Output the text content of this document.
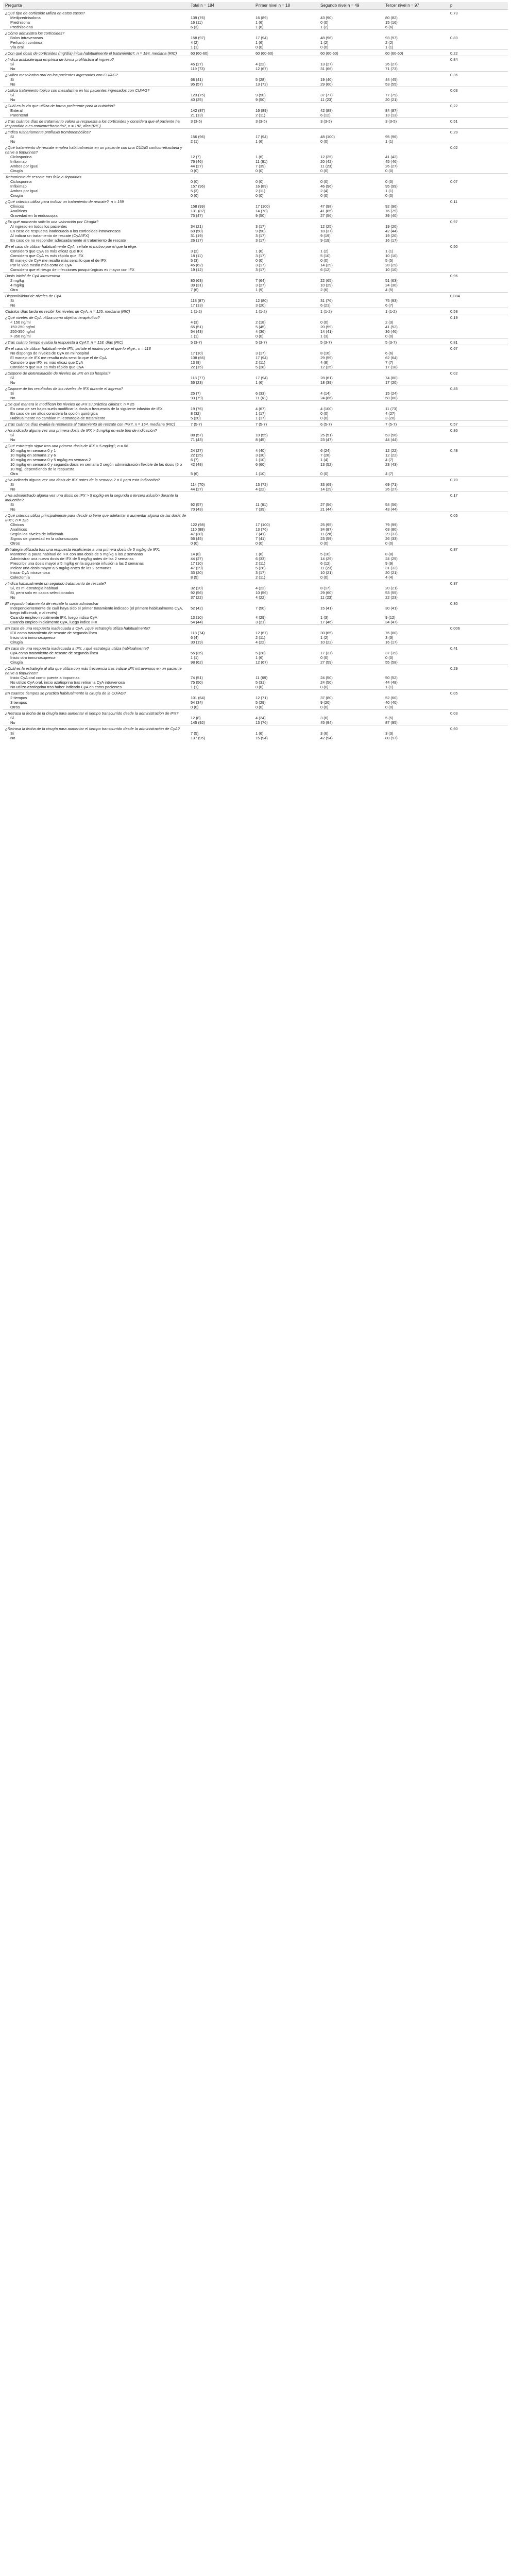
Pregunta	Total n = 184	Primer nivel n = 18	Segundo nivel n = 49	Tercer nivel n = 97	p
¿Qué tipo de corticoide utiliza en estos casos?					0,73
Metilprednisolona	139 (76)	16 (89)	43 (90)	80 (82)	
Prednisona	16 (11)	1 (6)	0 (0)	15 (16)	
Prednisolona	6 (3)	1 (6)	1 (2)	6 (6)	
¿Cómo administra los corticoides?					
Bolos intravenosos	158 (97)	17 (94)	48 (96)	93 (97)	0,83
Perfusión continua	4 (2)	1 (6)	1 (2)	2 (2)	
Vía oral	1 (1)	0 (0)	0 (0)	1 (1)	
¿Con qué dosis de corticoides (mg/día) inicia habitualmente el tratamiento?, n = 184, mediana (RIC)	60 (60-60)	60 (60-60)	60 (60-60)	60 (60-60)	0,22
¿Indica antibioterapia empírica de forma profiláctica al ingreso?					0,84
Sí	45 (27)	4 (22)	13 (27)	26 (27)	
No	119 (73)	12 (67)	31 (66)	71 (73)	
¿Utiliza mesalazina oral en los pacientes ingresados con CU/AG?					0,36
Sí	68 (41)	5 (28)	19 (40)	44 (45)	
No	95 (57)	13 (72)	29 (60)	53 (55)	
¿Utiliza tratamiento tópico con mesalazina en los pacientes ingresados con CU/AG?					0,03
Sí	123 (75)	9 (50)	37 (77)	77 (79)	
No	40 (25)	9 (50)	11 (23)	20 (21)	
¿Cuál es la vía que utiliza de forma preferente para la nutrición?					0,22
Enteral	142 (87)	16 (89)	42 (88)	84 (87)	
Parenteral	21 (13)	2 (11)	6 (12)	13 (13)	
¿Tras cuántos días de tratamiento valora la respuesta a los corticoides y considera que el paciente ha respondido o es corticorrefractario?, n = 182, días (RIC)	3 (3-5)	3 (3-5)	3 (3-5)	3 (3-5)	0,51
¿Indica rutinariamente profilaxis tromboembólica?					0,29
Sí	156 (96)	17 (94)	48 (100)	95 (96)	
No	2 (1)	1 (6)	0 (0)	1 (1)	
¿Qué tratamiento de rescate emplea habitualmente en un paciente con una CU/AG corticorrefractaria y naïve a tiopurinas?					0,02
Ciclosporina	12 (7)	1 (6)	12 (25)	41 (42)	
Infliximab	76 (46)	11 (61)	20 (42)	45 (46)	
Ambos por igual	44 (27)	7 (39)	11 (23)	26 (27)	
Cirugía	0 (0)	0 (0)	0 (0)	0 (0)	
Tratamiento de rescate tras fallo a tiopurinas					
Ciclosporina	0 (0)	0 (0)	0 (0)	0 (0)	0,07
Infliximab	157 (96)	16 (89)	46 (96)	95 (99)	
Ambos por igual	5 (3)	2 (11)	2 (4)	1 (1)	
Cirugía	0 (0)	0 (0)	0 (0)	0 (0)	
¿Qué criterios utiliza para indicar un tratamiento de rescate?, n = 159					0,11
Clínicos	158 (99)	17 (100)	47 (98)	92 (96)	
Analíticos	131 (82)	14 (78)	41 (85)	76 (79)	
Gravedad en la endoscopia	75 (47)	9 (50)	27 (56)	39 (40)	
¿En qué momento solicita una valoración por Cirugía?					0,97
Al ingreso en todos los pacientes	34 (21)	3 (17)	12 (25)	19 (20)	
En caso de respuesta inadecuada a los corticoides intravenosos	69 (50)	9 (50)	18 (37)	42 (44)	
Al indicar un tratamiento de rescate (CyA/IFX)	31 (19)	3 (17)	9 (19)	19 (20)	
En caso de no responder adecuadamente al tratamiento de rescate	26 (17)	3 (17)	9 (19)	16 (17)	
En el caso de utilizar habitualmente CyA, señale el motivo por el que la elige:					0,50
Considero que CyA es más eficaz que IFX	3 (2)	1 (6)	1 (2)	1 (1)	
Considero que CyA es más rápida que IFX	18 (11)	3 (17)	5 (10)	10 (10)	
El manejo de CyA me resulta más sencillo que el de IFX	5 (3)	0 (0)	0 (0)	5 (5)	
Por la vida media más corta de CyA	45 (62)	3 (17)	14 (29)	28 (29)	
Considero que el riesgo de infecciones posquirúrgicas es mayor con IFX	19 (12)	3 (17)	6 (12)	10 (10)	
Dosis inicial de CyA intravenosa					0,96
2 mg/kg	80 (63)	7 (64)	22 (65)	51 (63)	
4 mg/kg	39 (31)	3 (27)	10 (29)	24 (30)	
Otra	7 (6)	1 (9)	2 (6)	4 (5)	
Disponibilidad de niveles de CyA					0,084
Sí	118 (87)	12 (80)	31 (76)	75 (93)	
No	17 (13)	3 (20)	6 (21)	6 (7)	
Cuántos días tarda en recibir los niveles de CyA, n = 125, mediana (RIC)	1 (1-2)	1 (1-2)	1 (1-2)	1 (1-2)	0,58
¿Qué niveles de CyA utiliza como objetivo terapéutico?					0,19
< 150 ng/ml	4 (3)	2 (18)	0 (0)	2 (3)	
150-250 ng/ml	65 (51)	5 (45)	20 (59)	41 (52)	
250-350 ng/ml	54 (43)	4 (36)	14 (41)	36 (46)	
> 350 ng/ml	1 (1)	0 (0)	1 (3)	0 (0)	
¿Tras cuánto tiempo evalúa la respuesta a CyA?, n = 118, días (RIC)	5 (3-7)	5 (3-7)	5 (3-7)	5 (3-7)	0,81
En el caso de utilizar habitualmente IFX, señale el motivo por el que lo elige:, n = 118					0,67
No dispongo de niveles de CyA en mi hospital	17 (10)	3 (17)	8 (16)	6 (6)	
El manejo de IFX me resulta más sencillo que el de CyA	108 (66)	17 (94)	29 (59)	62 (64)	
Considero que IFX es más eficaz que CyA	13 (8)	2 (11)	4 (8)	7 (7)	
Considero que IFX es más rápido que CyA	22 (15)	5 (28)	12 (25)	17 (18)	
¿Dispone de determinación de niveles de IFX en su hospital?					0,02
Sí	118 (77)	17 (94)	28 (61)	74 (80)	
No	36 (23)	1 (6)	18 (39)	17 (20)	
¿Dispone de los resultados de los niveles de IFX durante el ingreso?					0,45
Sí	25 (7)	6 (33)	4 (14)	15 (24)	
No	93 (79)	11 (61)	24 (86)	58 (80)	
¿De qué manera le modifican los niveles de IFX su práctica clínica?, n = 25					
En caso de ser bajos suelo modificar la dosis o frecuencia de la siguiente infusión de IFX	19 (76)	4 (67)	4 (100)	11 (73)	
En caso de ser altos considero la opción quirúrgica	8 (32)	1 (17)	0 (0)	4 (27)	
Habitualmente no cambian mi estrategia de tratamiento	5 (20)	1 (17)	0 (0)	3 (20)	
¿Tras cuántos días evalúa la respuesta al tratamiento de rescate con IFX?, n = 154, mediana (RIC)	7 (5-7)	7 (5-7)	6 (5-7)	7 (5-7)	0,57
¿Ha indicado alguna vez una primera dosis de IFX > 5 mg/kg en este tipo de indicación?					0,86
Sí	88 (57)	10 (55)	25 (51)	53 (56)	
No	71 (43)	8 (45)	23 (47)	44 (44)	
¿Qué estrategia sigue tras una primera dosis de IFX > 5 mg/kg?, n = 86					
10 mg/kg en semana 0 y 1	24 (27)	4 (40)	6 (24)	12 (22)	0,48
10 mg/kg en semana 2 y 6	22 (25)	3 (30)	7 (28)	12 (22)	
10 mg/kg en semana 0 y 5 mg/kg en semana 2	6 (7)	1 (10)	1 (4)	4 (7)	
10 mg/kg en semana 0 y segunda dosis en semana 2 según administración flexible de las dosis (5 o 10 mg), dependiendo de la respuesta	42 (48)	6 (60)	13 (52)	23 (43)	
Otra	5 (6)	1 (10)	0 (0)	4 (7)	
¿Ha indicado alguna vez una dosis de IFX antes de la semana 2 o 6 para esta indicación?					0,70
Sí	114 (70)	13 (72)	33 (69)	69 (71)	
No	44 (27)	4 (22)	14 (29)	26 (27)	
¿Ha administrado alguna vez una dosis de IFX > 5 mg/kg en la segunda o tercera infusión durante la inducción?					0,17
Sí	92 (57)	11 (61)	27 (56)	54 (56)	
No	70 (43)	7 (39)	21 (44)	43 (44)	
¿Qué criterios utiliza principalmente para decidir si tiene que adelantar o aumentar alguna de las dosis de IFX?, n = 125					0,05
Clínicos	122 (98)	17 (100)	25 (95)	79 (99)	
Analíticos	110 (88)	13 (76)	34 (87)	63 (80)	
Según los niveles de infliximab	47 (38)	7 (41)	11 (28)	29 (37)	
Signos de gravedad en la colonoscopia	56 (45)	7 (41)	23 (59)	26 (33)	
Otros	0 (0)	0 (0)	0 (0)	0 (0)	
Estrategia utilizada tras una respuesta insuficiente a una primera dosis de 5 mg/kg de IFX:					0,87
Mantener la pauta habitual de IFX con una dosis de 5 mg/kg a las 2 semanas	14 (8)	1 (6)	5 (10)	8 (8)	
Administrar una nueva dosis de IFX de 5 mg/kg antes de las 2 semanas	44 (27)	6 (33)	14 (29)	24 (25)	
Prescribir una dosis mayor a 5 mg/kg en la siguiente infusión a las 2 semanas	17 (10)	2 (11)	6 (12)	9 (9)	
Indicar una dosis mayor a 5 mg/kg antes de las 2 semanas	47 (29)	5 (28)	11 (23)	31 (32)	
Iniciar CyA intravenosa	33 (20)	3 (17)	10 (21)	20 (21)	
Colectomía	8 (5)	2 (11)	0 (0)	4 (4)	
¿Indica habitualmente un segundo tratamiento de rescate?					0,87
Sí, es mi estrategia habitual	32 (20)	4 (22)	8 (17)	20 (21)	
Sí, pero solo en casos seleccionados	92 (56)	10 (56)	29 (60)	53 (55)	
No	37 (22)	4 (22)	11 (23)	22 (23)	
El segundo tratamiento de rescate lo suele administrar					0,30
Independientemente de cuál haya sido el primer tratamiento indicado (el primero habitualmente CyA, luego infliximab, o al revés)	52 (42)	7 (50)	15 (41)	30 (41)	
Cuando empleo inicialmente IFX, luego indico CyA	13 (10)	4 (29)	1 (3)	9 (12)	
Cuando empleo inicialmente CyA, luego indico IFX	54 (44)	3 (21)	17 (46)	34 (47)	
En caso de una respuesta inadecuada a CyA, ¿qué estrategia utiliza habitualmente?					0,006
IFX como tratamiento de rescate de segunda línea	118 (74)	12 (67)	30 (65)	76 (80)	
Inicio otro inmunosupresor	6 (4)	2 (11)	1 (2)	3 (3)	
Cirugía	30 (19)	4 (22)	10 (22)	16 (17)	
En caso de una respuesta inadecuada a IFX, ¿qué estrategia utiliza habitualmente?					0,41
CyA como tratamiento de rescate de segunda línea	55 (35)	5 (28)	17 (37)	37 (39)	
Inicio otro inmunosupresor	1 (1)	1 (6)	0 (0)	0 (0)	
Cirugía	98 (62)	12 (67)	27 (59)	55 (58)	
¿Cuál es la estrategia al alta que utiliza con más frecuencia tras indicar IFX intravenoso en un paciente naïve a tiopurinas?					0,29
Inicio CyA oral como puente a tiopurinas	74 (51)	11 (69)	24 (50)	50 (52)	
No utilizo CyA oral, inicio azatioprina tras retirar la CyA intravenosa	75 (50)	5 (31)	24 (50)	44 (48)	
No utilizo azatioprina tras haber indicado CyA en estos pacientes	1 (1)	0 (0)	0 (0)	1 (1)	
En cuantos tiempos se practica habitualmente la cirugía de la CU/AG?					0,05
2 tiempos	101 (64)	12 (71)	37 (80)	52 (60)	
3 tiempos	54 (34)	5 (29)	9 (20)	40 (40)	
Otros	0 (0)	0 (0)	0 (0)	0 (0)	
¿Retrasa la fecha de la cirugía para aumentar el tiempo transcurrido desde la administración de IFX?					0,03
Sí	12 (8)	4 (24)	3 (6)	5 (5)	
No	145 (92)	13 (76)	45 (94)	87 (95)	
¿Retrasa la fecha de la cirugía para aumentar el tiempo transcurrido desde la administración de CyA?					0,60
Sí	7 (5)	1 (6)	3 (6)	3 (3)	
No	137 (95)	15 (94)	42 (94)	80 (97)	
